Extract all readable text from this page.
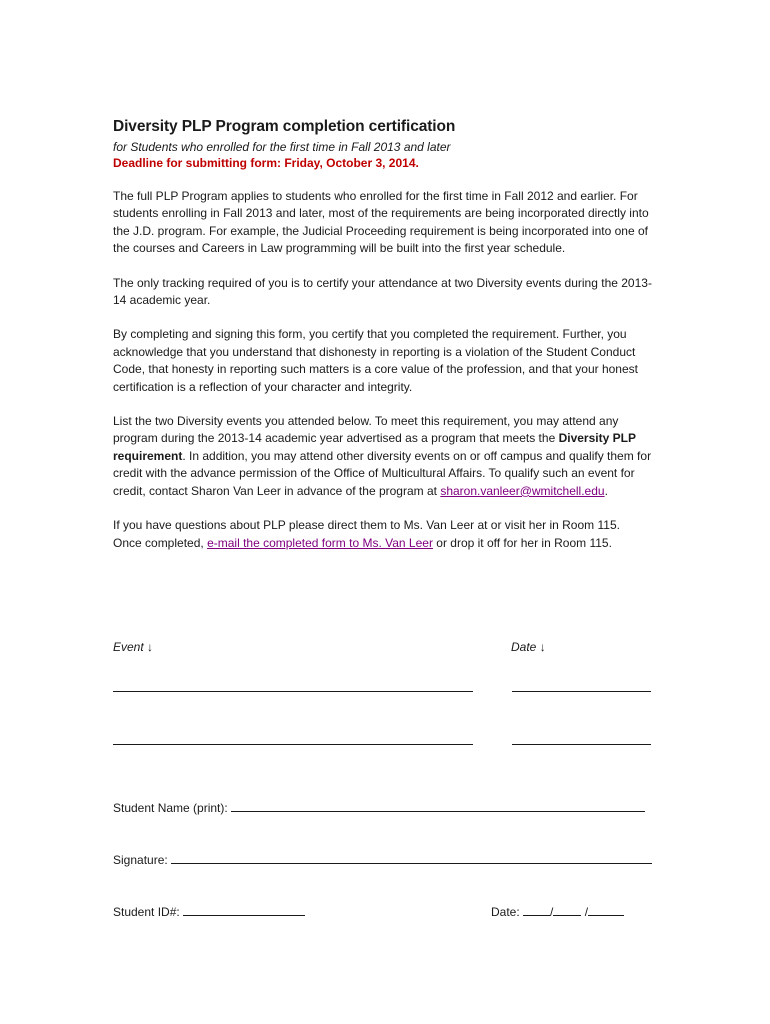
Diversity PLP Program completion certification

for Students who enrolled for the first time in Fall 2013 and later

Deadline for submitting form: Friday, October 3, 2014.

The full PLP Program applies to students who enrolled for the first time in Fall 2012 and earlier. For students enrolling in Fall 2013 and later, most of the requirements are being incorporated directly into the J.D. program. For example, the Judicial Proceeding requirement is being incorporated into one of the courses and Careers in Law programming will be built into the first year schedule.

The only tracking required of you is to certify your attendance at two Diversity events during the 2013-14 academic year.

By completing and signing this form, you certify that you completed the requirement. Further, you acknowledge that you understand that dishonesty in reporting is a violation of the Student Conduct Code, that honesty in reporting such matters is a core value of the profession, and that your honest certification is a reflection of your character and integrity.

List the two Diversity events you attended below. To meet this requirement, you may attend any program during the 2013-14 academic year advertised as a program that meets the Diversity PLP requirement. In addition, you may attend other diversity events on or off campus and qualify them for credit with the advance permission of the Office of Multicultural Affairs. To qualify such an event for credit, contact Sharon Van Leer in advance of the program at sharon.vanleer@wmitchell.edu.

If you have questions about PLP please direct them to Ms. Van Leer at or visit her in Room 115.
Once completed, e-mail the completed form to Ms. Van Leer or drop it off for her in Room 115.

Event ↓	Date ↓
Student Name (print):
Signature:
Student ID#:	Date:	/	/
